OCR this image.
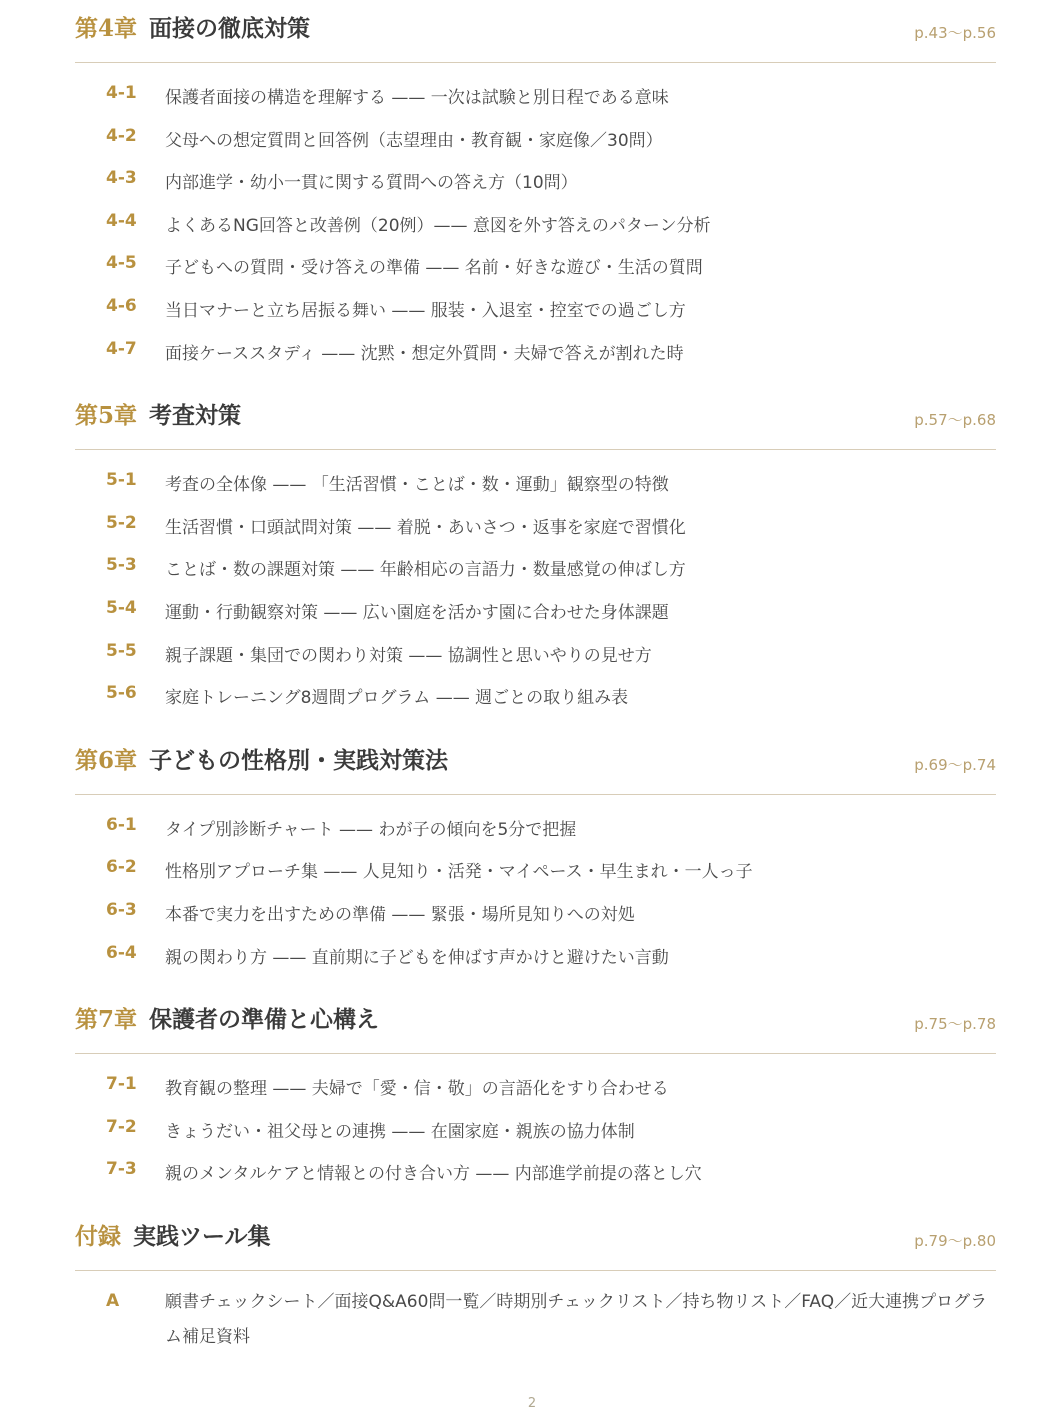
第4章 面接の徹底対策	p.43〜p.56
4-1 保護者面接の構造を理解する —— 一次は試験と別日程である意味
4-2 父母への想定質問と回答例（志望理由・教育観・家庭像／30問）
4-3 内部進学・幼小一貫に関する質問への答え方（10問）
4-4 よくあるNG回答と改善例（20例）—— 意図を外す答えのパターン分析
4-5 子どもへの質問・受け答えの準備 —— 名前・好きな遊び・生活の質問
4-6 当日マナーと立ち居振る舞い —— 服装・入退室・控室での過ごし方
4-7 面接ケーススタディ —— 沈黙・想定外質問・夫婦で答えが割れた時
第5章 考査対策	p.57〜p.68
5-1 考査の全体像 —— 「生活習慣・ことば・数・運動」観察型の特徴
5-2 生活習慣・口頭試問対策 —— 着脱・あいさつ・返事を家庭で習慣化
5-3 ことば・数の課題対策 —— 年齢相応の言語力・数量感覚の伸ばし方
5-4 運動・行動観察対策 —— 広い園庭を活かす園に合わせた身体課題
5-5 親子課題・集団での関わり対策 —— 協調性と思いやりの見せ方
5-6 家庭トレーニング8週間プログラム —— 週ごとの取り組み表
第6章 子どもの性格別・実践対策法	p.69〜p.74
6-1 タイプ別診断チャート —— わが子の傾向を5分で把握
6-2 性格別アプローチ集 —— 人見知り・活発・マイペース・早生まれ・一人っ子
6-3 本番で実力を出すための準備 —— 緊張・場所見知りへの対処
6-4 親の関わり方 —— 直前期に子どもを伸ばす声かけと避けたい言動
第7章 保護者の準備と心構え	p.75〜p.78
7-1 教育観の整理 —— 夫婦で「愛・信・敬」の言語化をすり合わせる
7-2 きょうだい・祖父母との連携 —— 在園家庭・親族の協力体制
7-3 親のメンタルケアと情報との付き合い方 —— 内部進学前提の落とし穴
付録 実践ツール集	p.79〜p.80
A	願書チェックシート／面接Q&A60問一覧／時期別チェックリスト／持ち物リスト／FAQ／近大連携プログラム補足資料
2
